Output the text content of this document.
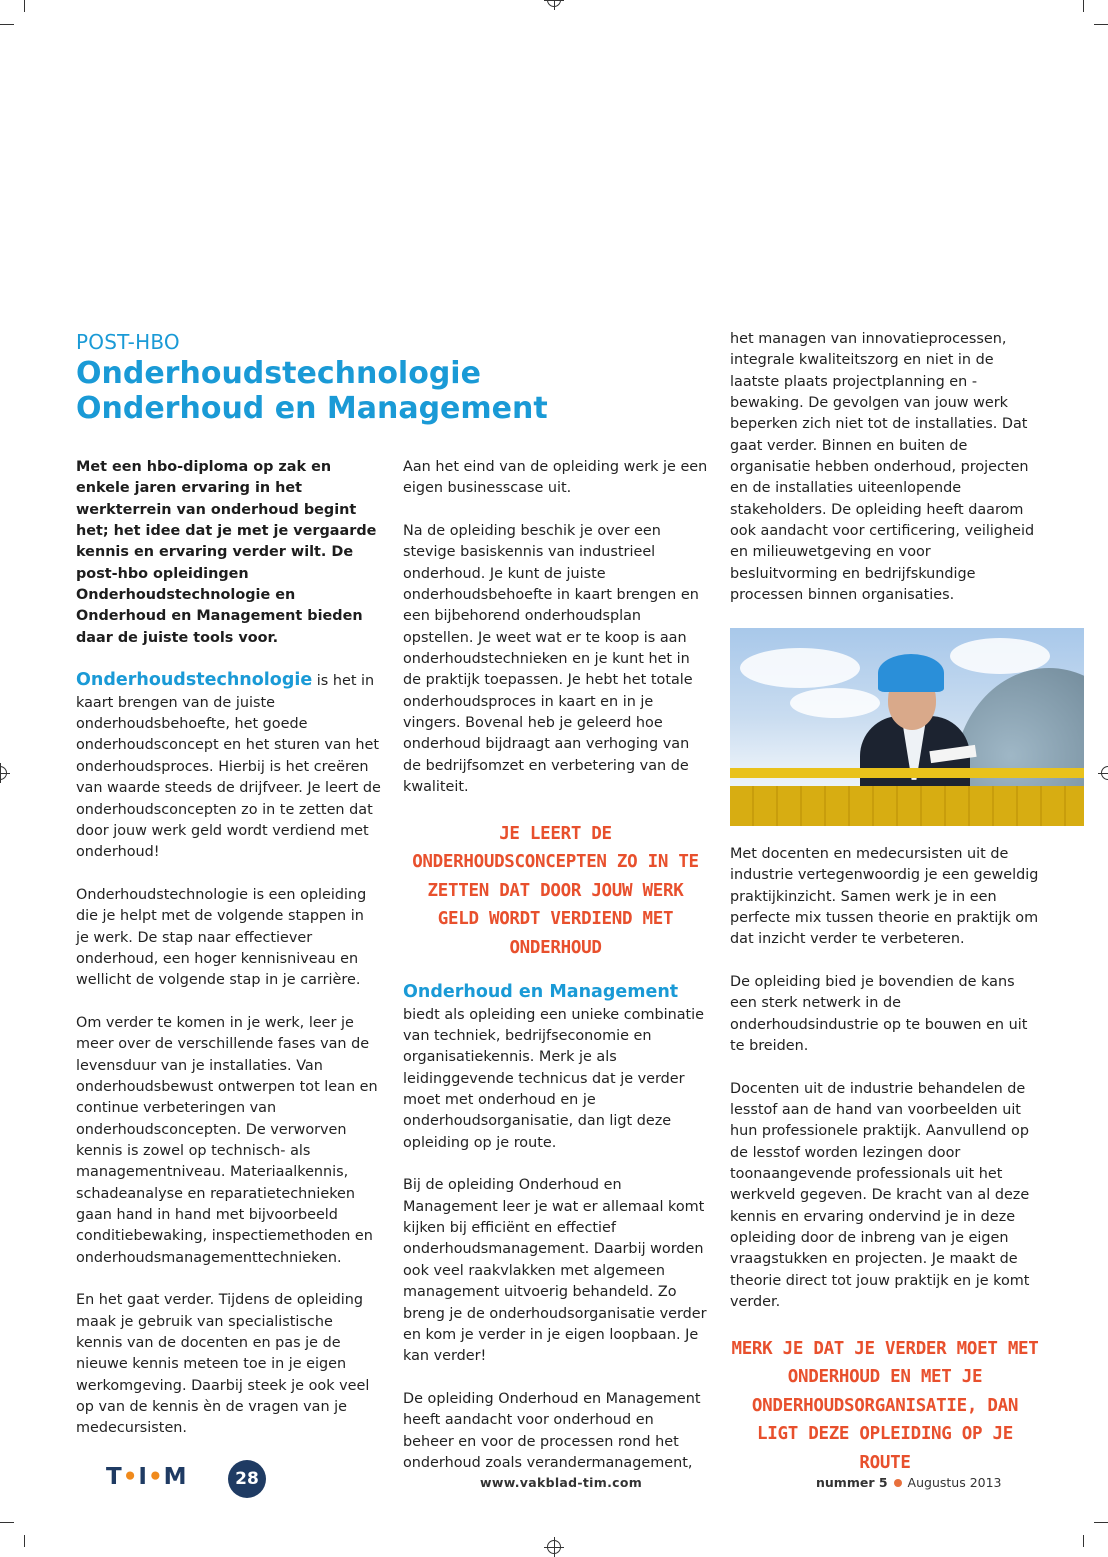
POST-HBO
Onderhoudstechnologie
Onderhoud en Management

Met een hbo-diploma op zak en enkele jaren ervaring in het werkterrein van onderhoud begint het; het idee dat je met je vergaarde kennis en ervaring verder wilt. De post-hbo opleidingen Onderhoudstechnologie en Onderhoud en Management bieden daar de juiste tools voor.

Onderhoudstechnologie is het in kaart brengen van de juiste onderhoudsbehoefte, het goede onderhoudsconcept en het sturen van het onderhoudsproces. Hierbij is het creëren van waarde steeds de drijfveer. Je leert de onderhoudsconcepten zo in te zetten dat door jouw werk geld wordt verdiend met onderhoud!

Onderhoudstechnologie is een opleiding die je helpt met de volgende stappen in je werk. De stap naar effectiever onderhoud, een hoger kennisniveau en wellicht de volgende stap in je carrière.

Om verder te komen in je werk, leer je meer over de verschillende fases van de levensduur van je installaties. Van onderhoudsbewust ontwerpen tot lean en continue verbeteringen van onderhoudsconcepten. De verworven kennis is zowel op technisch- als managementniveau. Materiaalkennis, schadeanalyse en reparatietechnieken gaan hand in hand met bijvoorbeeld conditiebewaking, inspectiemethoden en onderhoudsmanagementtechnieken.

En het gaat verder. Tijdens de opleiding maak je gebruik van specialistische kennis van de docenten en pas je de nieuwe kennis meteen toe in je eigen werkomgeving. Daarbij steek je ook veel op van de kennis èn de vragen van je medecursisten.

Aan het eind van de opleiding werk je een eigen businesscase uit.

Na de opleiding beschik je over een stevige basiskennis van industrieel onderhoud. Je kunt de juiste onderhoudsbehoefte in kaart brengen en een bijbehorend onderhoudsplan opstellen. Je weet wat er te koop is aan onderhoudstechnieken en je kunt het in de praktijk toepassen. Je hebt het totale onderhoudsproces in kaart en in je vingers. Bovenal heb je geleerd hoe onderhoud bijdraagt aan verhoging van de bedrijfsomzet en verbetering van de kwaliteit.

JE LEERT DE ONDERHOUDSCONCEPTEN ZO IN TE ZETTEN DAT DOOR JOUW WERK GELD WORDT VERDIEND MET ONDERHOUD

Onderhoud en Management biedt als opleiding een unieke combinatie van techniek, bedrijfseconomie en organisatiekennis. Merk je als leidinggevende technicus dat je verder moet met onderhoud en je onderhoudsorganisatie, dan ligt deze opleiding op je route.

Bij de opleiding Onderhoud en Management leer je wat er allemaal komt kijken bij efficiënt en effectief onderhoudsmanagement. Daarbij worden ook veel raakvlakken met algemeen management uitvoerig behandeld. Zo breng je de onderhoudsorganisatie verder en kom je verder in je eigen loopbaan. Je kan verder!

De opleiding Onderhoud en Management heeft aandacht voor onderhoud en beheer en voor de processen rond het onderhoud zoals verandermanagement,

het managen van innovatieprocessen, integrale kwaliteitszorg en niet in de laatste plaats projectplanning en -bewaking. De gevolgen van jouw werk beperken zich niet tot de installaties. Dat gaat verder. Binnen en buiten de organisatie hebben onderhoud, projecten en de installaties uiteenlopende stakeholders. De opleiding heeft daarom ook aandacht voor certificering, veiligheid en milieuwetgeving en voor besluitvorming en bedrijfskundige processen binnen organisaties.

Met docenten en medecursisten uit de industrie vertegenwoordig je een geweldig praktijkinzicht. Samen werk je in een perfecte mix tussen theorie en praktijk om dat inzicht verder te verbeteren.

De opleiding bied je bovendien de kans een sterk netwerk in de onderhoudsindustrie op te bouwen en uit te breiden.

Docenten uit de industrie behandelen de lesstof aan de hand van voorbeelden uit hun professionele praktijk. Aanvullend op de lesstof worden lezingen door toonaangevende professionals uit het werkveld gegeven. De kracht van al deze kennis en ervaring ondervind je in deze opleiding door de inbreng van je eigen vraagstukken en projecten. Je maakt de theorie direct tot jouw praktijk en je komt verder.

MERK JE DAT JE VERDER MOET MET ONDERHOUD EN MET JE ONDERHOUDSORGANISATIE, DAN LIGT DEZE OPLEIDING OP JE ROUTE
T•I•M	28	www.vakblad-tim.com	nummer 5 Augustus 2013
